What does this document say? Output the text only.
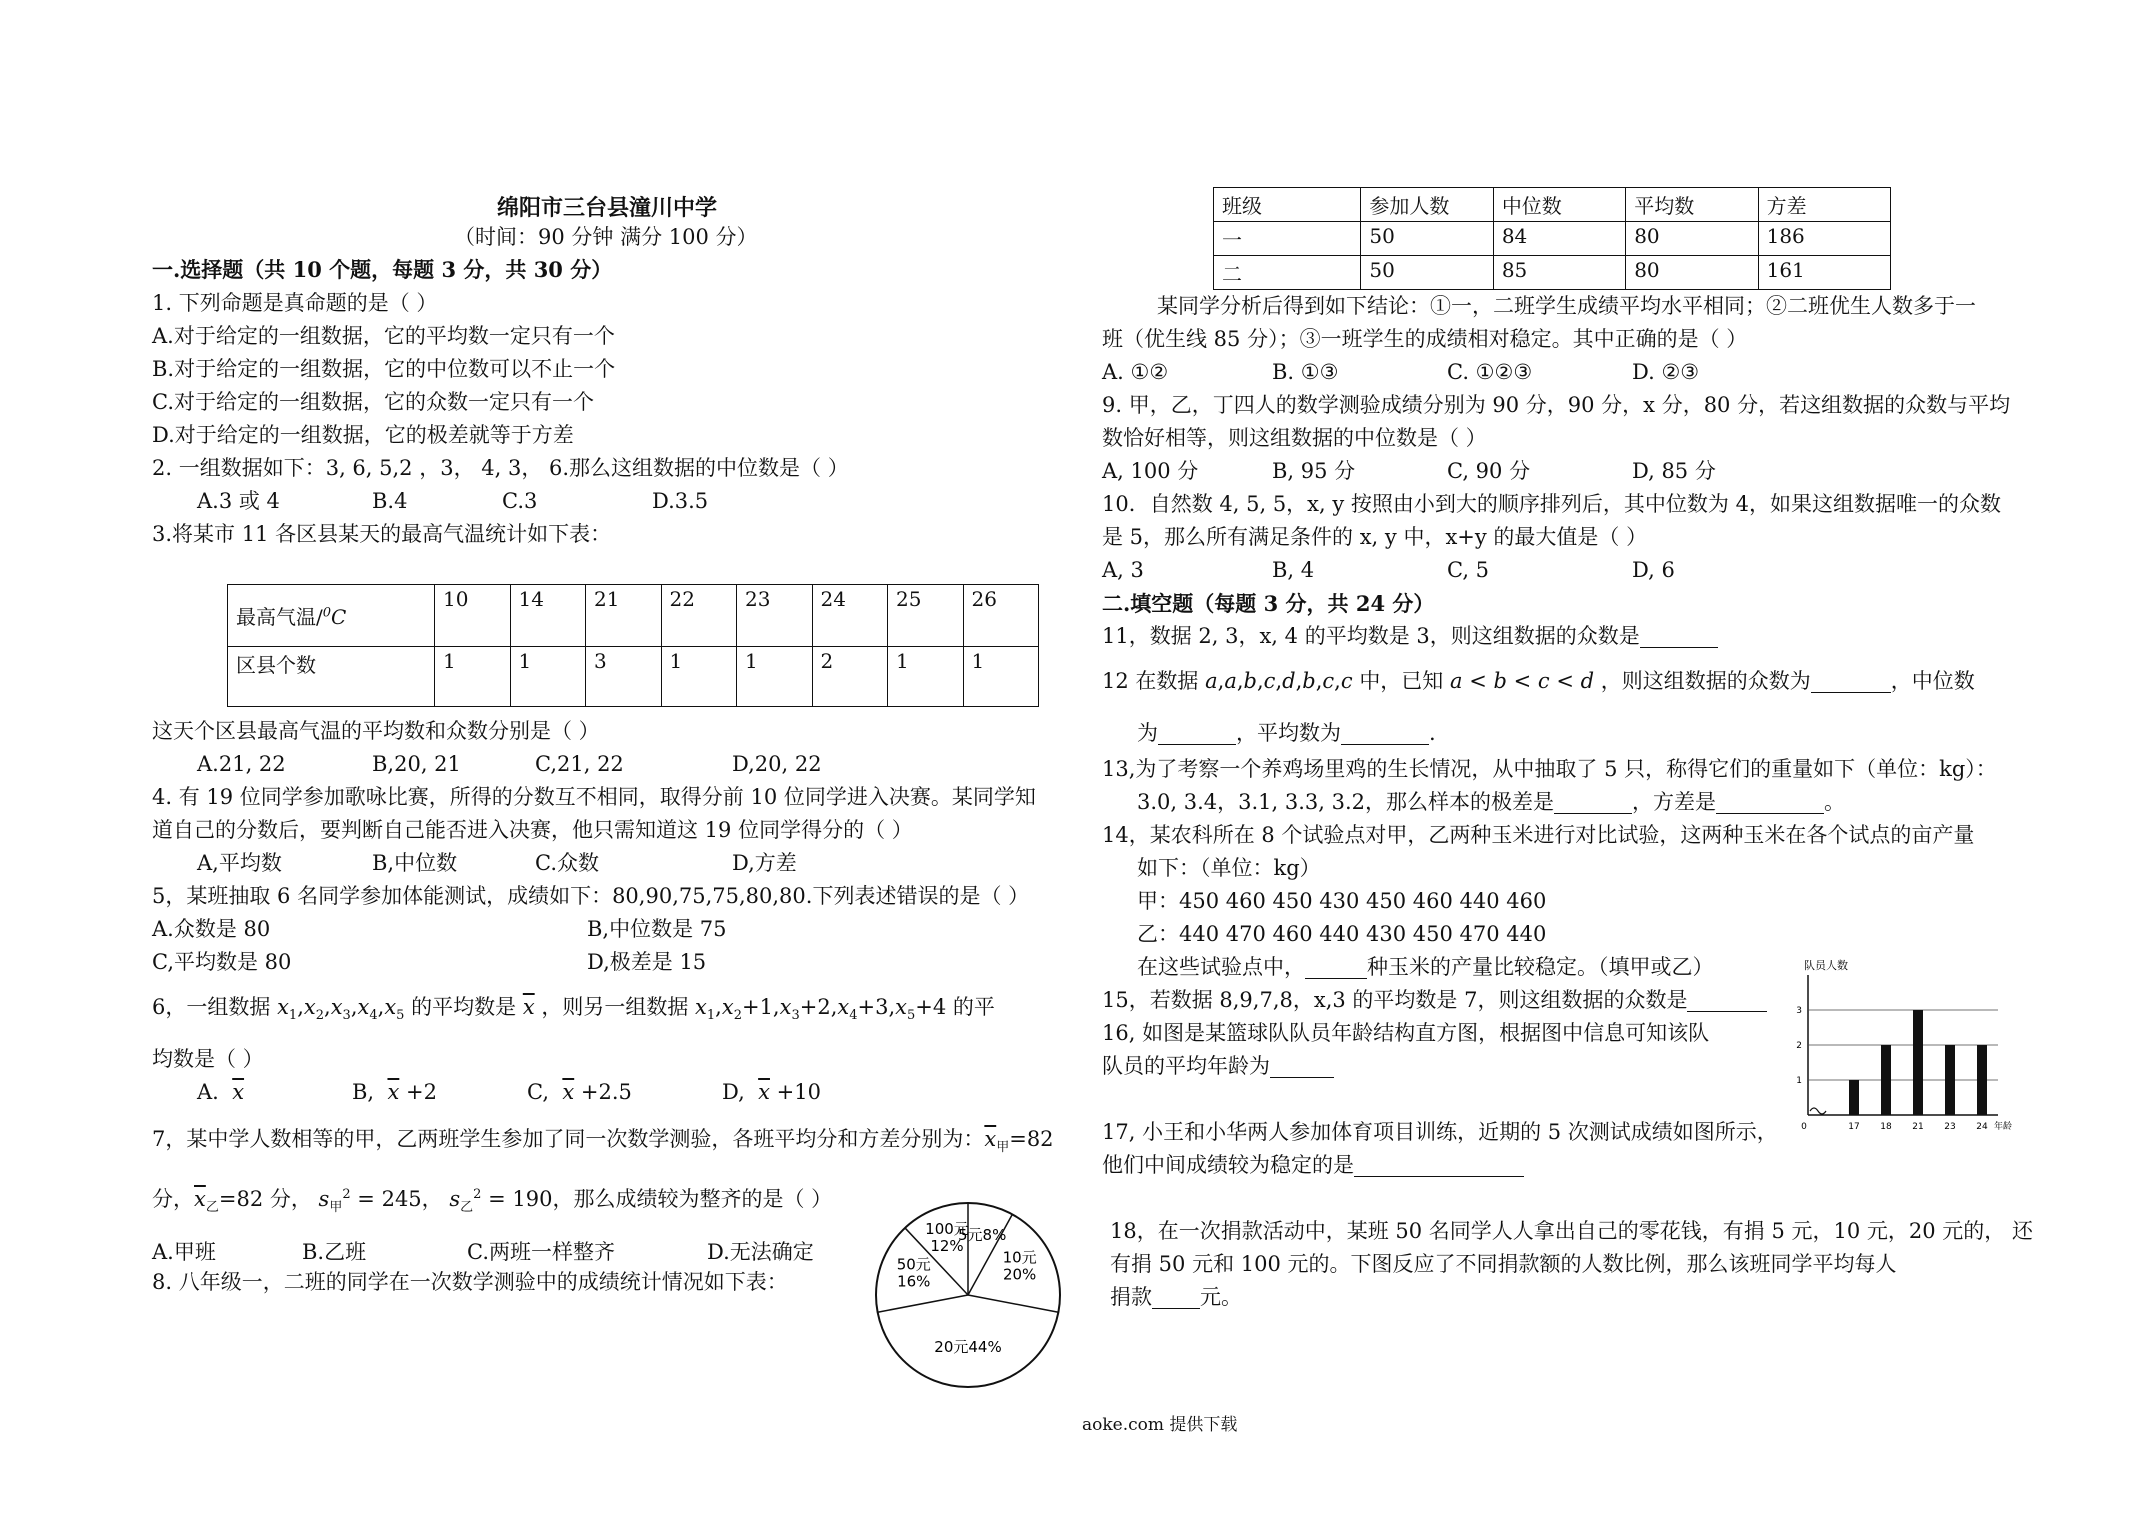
绵阳市三台县潼川中学
（时间：90 分钟 满分 100 分）
一.选择题（共 10 个题，每题 3 分，共 30 分）
1. 下列命题是真命题的是（ ）
A.对于给定的一组数据，它的平均数一定只有一个
B.对于给定的一组数据，它的中位数可以不止一个
C.对于给定的一组数据，它的众数一定只有一个
D.对于给定的一组数据，它的极差就等于方差
2. 一组数据如下：3, 6, 5,2 ，3， 4, 3， 6.那么这组数据的中位数是（ ）
A.3 或 4	B.4	C.3	D.3.5
3.将某市 11 各区县某天的最高气温统计如下表：
最高气温/$^0$C	10	14	21	22	23	24	25	26
区县个数	1	1	3	1	1	2	1	1
这天个区县最高气温的平均数和众数分别是（ ）
A.21, 22	B,20, 21	C,21, 22	D,20, 22
4. 有 19 位同学参加歌咏比赛，所得的分数互不相同，取得分前 10 位同学进入决赛。某同学知
道自己的分数后，要判断自己能否进入决赛，他只需知道这 19 位同学得分的（ ）
A,平均数	B,中位数	C.众数	D,方差
5，某班抽取 6 名同学参加体能测试，成绩如下：80,90,75,75,80,80.下列表述错误的是（ ）
A.众数是 80	B,中位数是 75
C,平均数是 80	D,极差是 15
6，一组数据 $x_1,x_2,x_3,x_4,x_5$ 的平均数是 $\overline{x}$ ，则另一组数据 $x_1,x_2+1,x_3+2,x_4+3,x_5+4$ 的平
均数是（ ）
A. $\overline{x}$	B, $\overline{x} +2$	C, $\overline{x} +2.5$	D, $\overline{x} +10$
7，某中学人数相等的甲，乙两班学生参加了同一次数学测验，各班平均分和方差分别为：$\overline{x}_甲=82$
分，$\overline{x}_乙=82$ 分， $s_甲^2 = 245$， $s_乙^2 = 190$，那么成绩较为整齐的是（ ）
A.甲班	B.乙班	C.两班一样整齐	D.无法确定
8. 八年级一，二班的同学在一次数学测验中的成绩统计情况如下表：
5元8%
10元 20%
20元44%
50元 16%
100元 12%
班级	参加人数	中位数	平均数	方差
一	50	84	80	186
二	50	85	80	161
某同学分析后得到如下结论：①一，二班学生成绩平均水平相同；②二班优生人数多于一
班（优生线 85 分）；③一班学生的成绩相对稳定。其中正确的是（ ）
A. ①②	B. ①③	C. ①②③	D. ②③
9. 甲，乙，丁四人的数学测验成绩分别为 90 分，90 分，x 分，80 分，若这组数据的众数与平均
数恰好相等，则这组数据的中位数是（ ）
A, 100 分	B, 95 分	C, 90 分	D, 85 分
10．自然数 4, 5, 5，x, y 按照由小到大的顺序排列后，其中位数为 4，如果这组数据唯一的众数
是 5，那么所有满足条件的 x, y 中，x+y 的最大值是（ ）
A, 3	B, 4	C, 5	D, 6
二.填空题（每题 3 分，共 24 分）
11，数据 2, 3，x, 4 的平均数是 3，则这组数据的众数是
12 在数据 a,a,b,c,d,b,c,c 中，已知 a < b < c < d ，则这组数据的众数为	，中位数
为	，平均数为	.
13,为了考察一个养鸡场里鸡的生长情况，从中抽取了 5 只，称得它们的重量如下（单位：kg）：
3.0, 3.4，3.1, 3.3, 3.2，那么样本的极差是	，方差是	。
14，某农科所在 8 个试验点对甲，乙两种玉米进行对比试验，这两种玉米在各个试点的亩产量
如下：（单位：kg）
甲：450 460 450 430 450 460 440 460
乙：440 470 460 440 430 450 470 440
在这些试验点中，	种玉米的产量比较稳定。（填甲或乙）
15，若数据 8,9,7,8，x,3 的平均数是 7，则这组数据的众数是
16, 如图是某篮球队队员年龄结构直方图，根据图中信息可知该队
队员的平均年龄为
17, 小王和小华两人参加体育项目训练，近期的 5 次测试成绩如图所示，
他们中间成绩较为稳定的是
1
2
3
队员人数
0	年龄
17 18 21 23 24
18，在一次捐款活动中，某班 50 名同学人人拿出自己的零花钱，有捐 5 元，10 元，20 元的， 还
有捐 50 元和 100 元的。下图反应了不同捐款额的人数比例，那么该班同学平均每人
捐款 元。
aoke.com 提供下载
